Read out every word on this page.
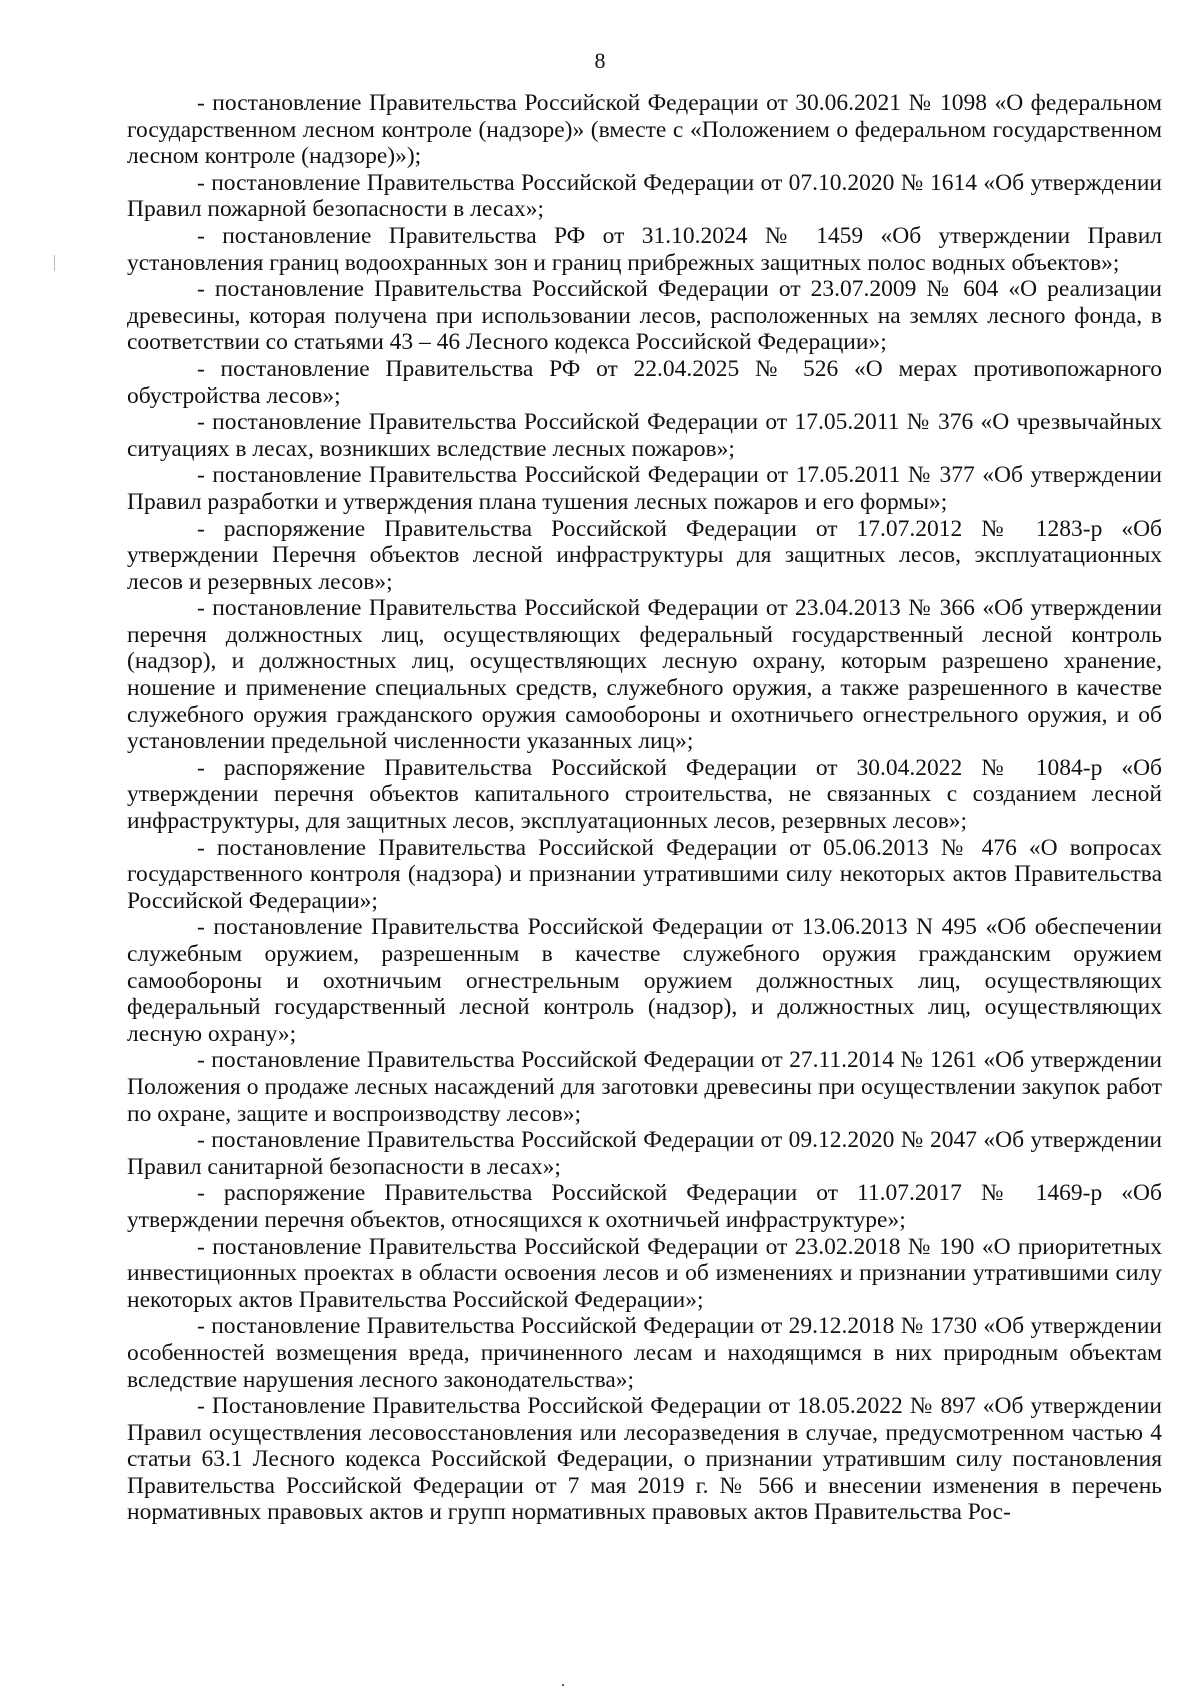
8

- постановление Правительства Российской Федерации от 30.06.2021 № 1098 «О федеральном государственном лесном контроле (надзоре)» (вместе с «Положением о федеральном государственном лесном контроле (надзоре)»);

- постановление Правительства Российской Федерации от 07.10.2020 № 1614 «Об утверждении Правил пожарной безопасности в лесах»;

- постановление Правительства РФ от 31.10.2024 № 1459 «Об утверждении Правил установления границ водоохранных зон и границ прибрежных защитных полос водных объектов»;

- постановление Правительства Российской Федерации от 23.07.2009 № 604 «О реализации древесины, которая получена при использовании лесов, расположенных на землях лесного фонда, в соответствии со статьями 43 – 46 Лесного кодекса Российской Федерации»;

- постановление Правительства РФ от 22.04.2025 № 526 «О мерах противопожарного обустройства лесов»;

- постановление Правительства Российской Федерации от 17.05.2011 № 376 «О чрезвычайных ситуациях в лесах, возникших вследствие лесных пожаров»;

- постановление Правительства Российской Федерации от 17.05.2011 № 377 «Об утверждении Правил разработки и утверждения плана тушения лесных пожаров и его формы»;

- распоряжение Правительства Российской Федерации от 17.07.2012 № 1283-р «Об утверждении Перечня объектов лесной инфраструктуры для защитных лесов, эксплуатационных лесов и резервных лесов»;

- постановление Правительства Российской Федерации от 23.04.2013 № 366 «Об утверждении перечня должностных лиц, осуществляющих федеральный государственный лесной контроль (надзор), и должностных лиц, осуществляющих лесную охрану, которым разрешено хранение, ношение и применение специальных средств, служебного оружия, а также разрешенного в качестве служебного оружия гражданского оружия самообороны и охотничьего огнестрельного оружия, и об установлении предельной численности указанных лиц»;

- распоряжение Правительства Российской Федерации от 30.04.2022 № 1084-р «Об утверждении перечня объектов капитального строительства, не связанных с созданием лесной инфраструктуры, для защитных лесов, эксплуатационных лесов, резервных лесов»;

- постановление Правительства Российской Федерации от 05.06.2013 № 476 «О вопросах государственного контроля (надзора) и признании утратившими силу некоторых актов Правительства Российской Федерации»;

- постановление Правительства Российской Федерации от 13.06.2013 N 495 «Об обеспечении служебным оружием, разрешенным в качестве служебного оружия гражданским оружием самообороны и охотничьим огнестрельным оружием должностных лиц, осуществляющих федеральный государственный лесной контроль (надзор), и должностных лиц, осуществляющих лесную охрану»;

- постановление Правительства Российской Федерации от 27.11.2014 № 1261 «Об утверждении Положения о продаже лесных насаждений для заготовки древесины при осуществлении закупок работ по охране, защите и воспроизводству лесов»;

- постановление Правительства Российской Федерации от 09.12.2020 № 2047 «Об утверждении Правил санитарной безопасности в лесах»;

- распоряжение Правительства Российской Федерации от 11.07.2017 № 1469-р «Об утверждении перечня объектов, относящихся к охотничьей инфраструктуре»;

- постановление Правительства Российской Федерации от 23.02.2018 № 190 «О приоритетных инвестиционных проектах в области освоения лесов и об изменениях и признании утратившими силу некоторых актов Правительства Российской Федерации»;

- постановление Правительства Российской Федерации от 29.12.2018 № 1730 «Об утверждении особенностей возмещения вреда, причиненного лесам и находящимся в них природным объектам вследствие нарушения лесного законодательства»;

- Постановление Правительства Российской Федерации от 18.05.2022 № 897 «Об утверждении Правил осуществления лесовосстановления или лесоразведения в случае, предусмотренном частью 4 статьи 63.1 Лесного кодекса Российской Федерации, о признании утратившим силу постановления Правительства Российской Федерации от 7 мая 2019 г. № 566 и внесении изменения в перечень нормативных правовых актов и групп нормативных правовых актов Правительства Рос-
